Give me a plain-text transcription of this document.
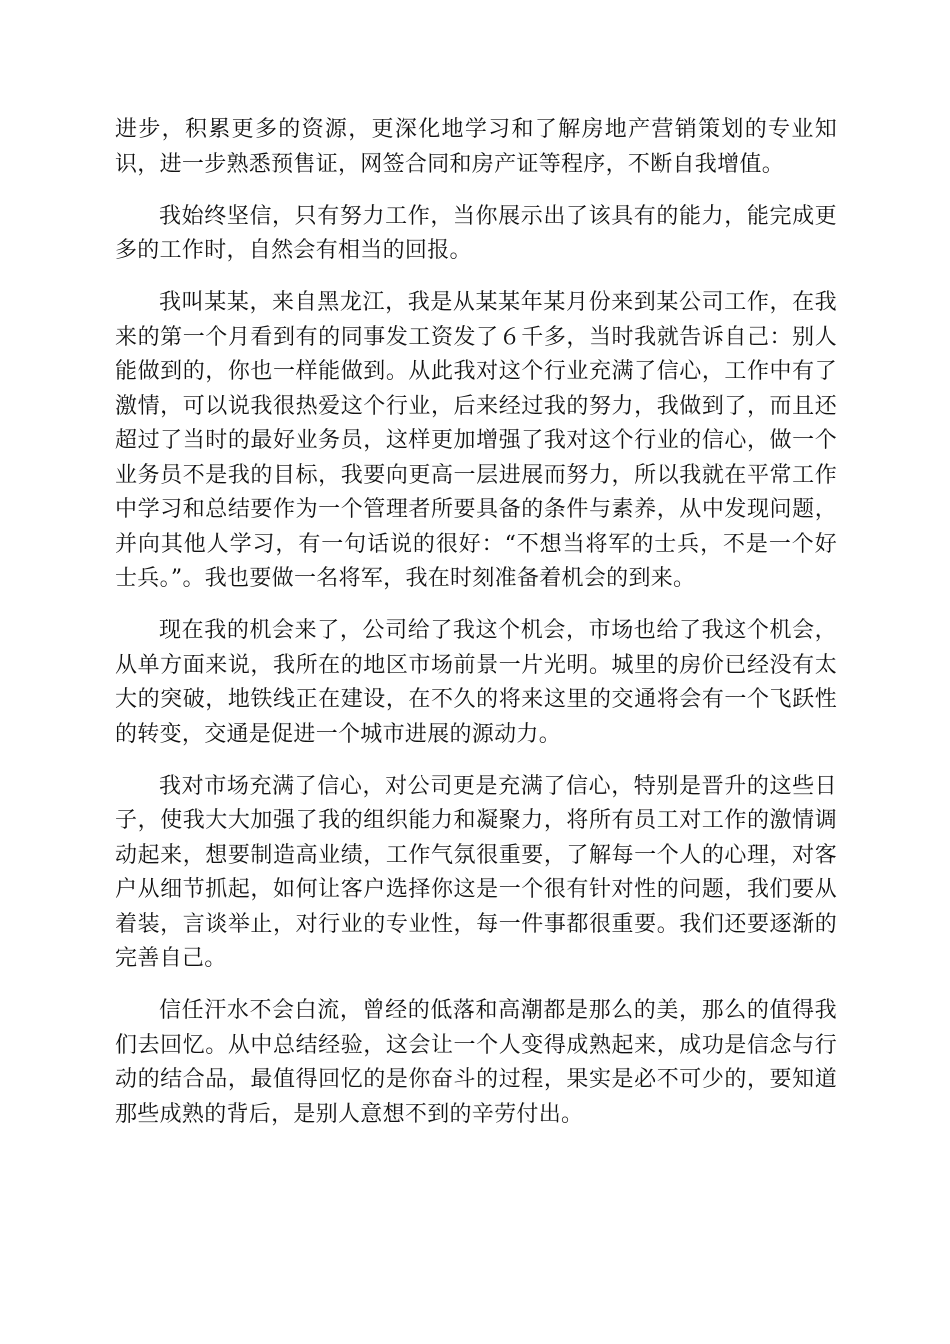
进步，积累更多的资源，更深化地学习和了解房地产营销策划的专业知识，进一步熟悉预售证，网签合同和房产证等程序，不断自我增值。

我始终坚信，只有努力工作，当你展示出了该具有的能力，能完成更多的工作时，自然会有相当的回报。

我叫某某，来自黑龙江，我是从某某年某月份来到某公司工作，在我来的第一个月看到有的同事发工资发了６千多，当时我就告诉自己：别人能做到的，你也一样能做到。从此我对这个行业充满了信心，工作中有了激情，可以说我很热爱这个行业，后来经过我的努力，我做到了，而且还超过了当时的最好业务员，这样更加增强了我对这个行业的信心，做一个业务员不是我的目标，我要向更高一层进展而努力，所以我就在平常工作中学习和总结要作为一个管理者所要具备的条件与素养，从中发现问题，并向其他人学习，有一句话说的很好：“不想当将军的士兵，不是一个好士兵。”。我也要做一名将军，我在时刻准备着机会的到来。

现在我的机会来了，公司给了我这个机会，市场也给了我这个机会，从单方面来说，我所在的地区市场前景一片光明。城里的房价已经没有太大的突破，地铁线正在建设，在不久的将来这里的交通将会有一个飞跃性的转变，交通是促进一个城市进展的源动力。

我对市场充满了信心，对公司更是充满了信心，特别是晋升的这些日子，使我大大加强了我的组织能力和凝聚力，将所有员工对工作的激情调动起来，想要制造高业绩，工作气氛很重要，了解每一个人的心理，对客户从细节抓起，如何让客户选择你这是一个很有针对性的问题，我们要从着装，言谈举止，对行业的专业性，每一件事都很重要。我们还要逐渐的完善自己。

信任汗水不会白流，曾经的低落和高潮都是那么的美，那么的值得我们去回忆。从中总结经验，这会让一个人变得成熟起来，成功是信念与行动的结合品，最值得回忆的是你奋斗的过程，果实是必不可少的，要知道那些成熟的背后，是别人意想不到的辛劳付出。
